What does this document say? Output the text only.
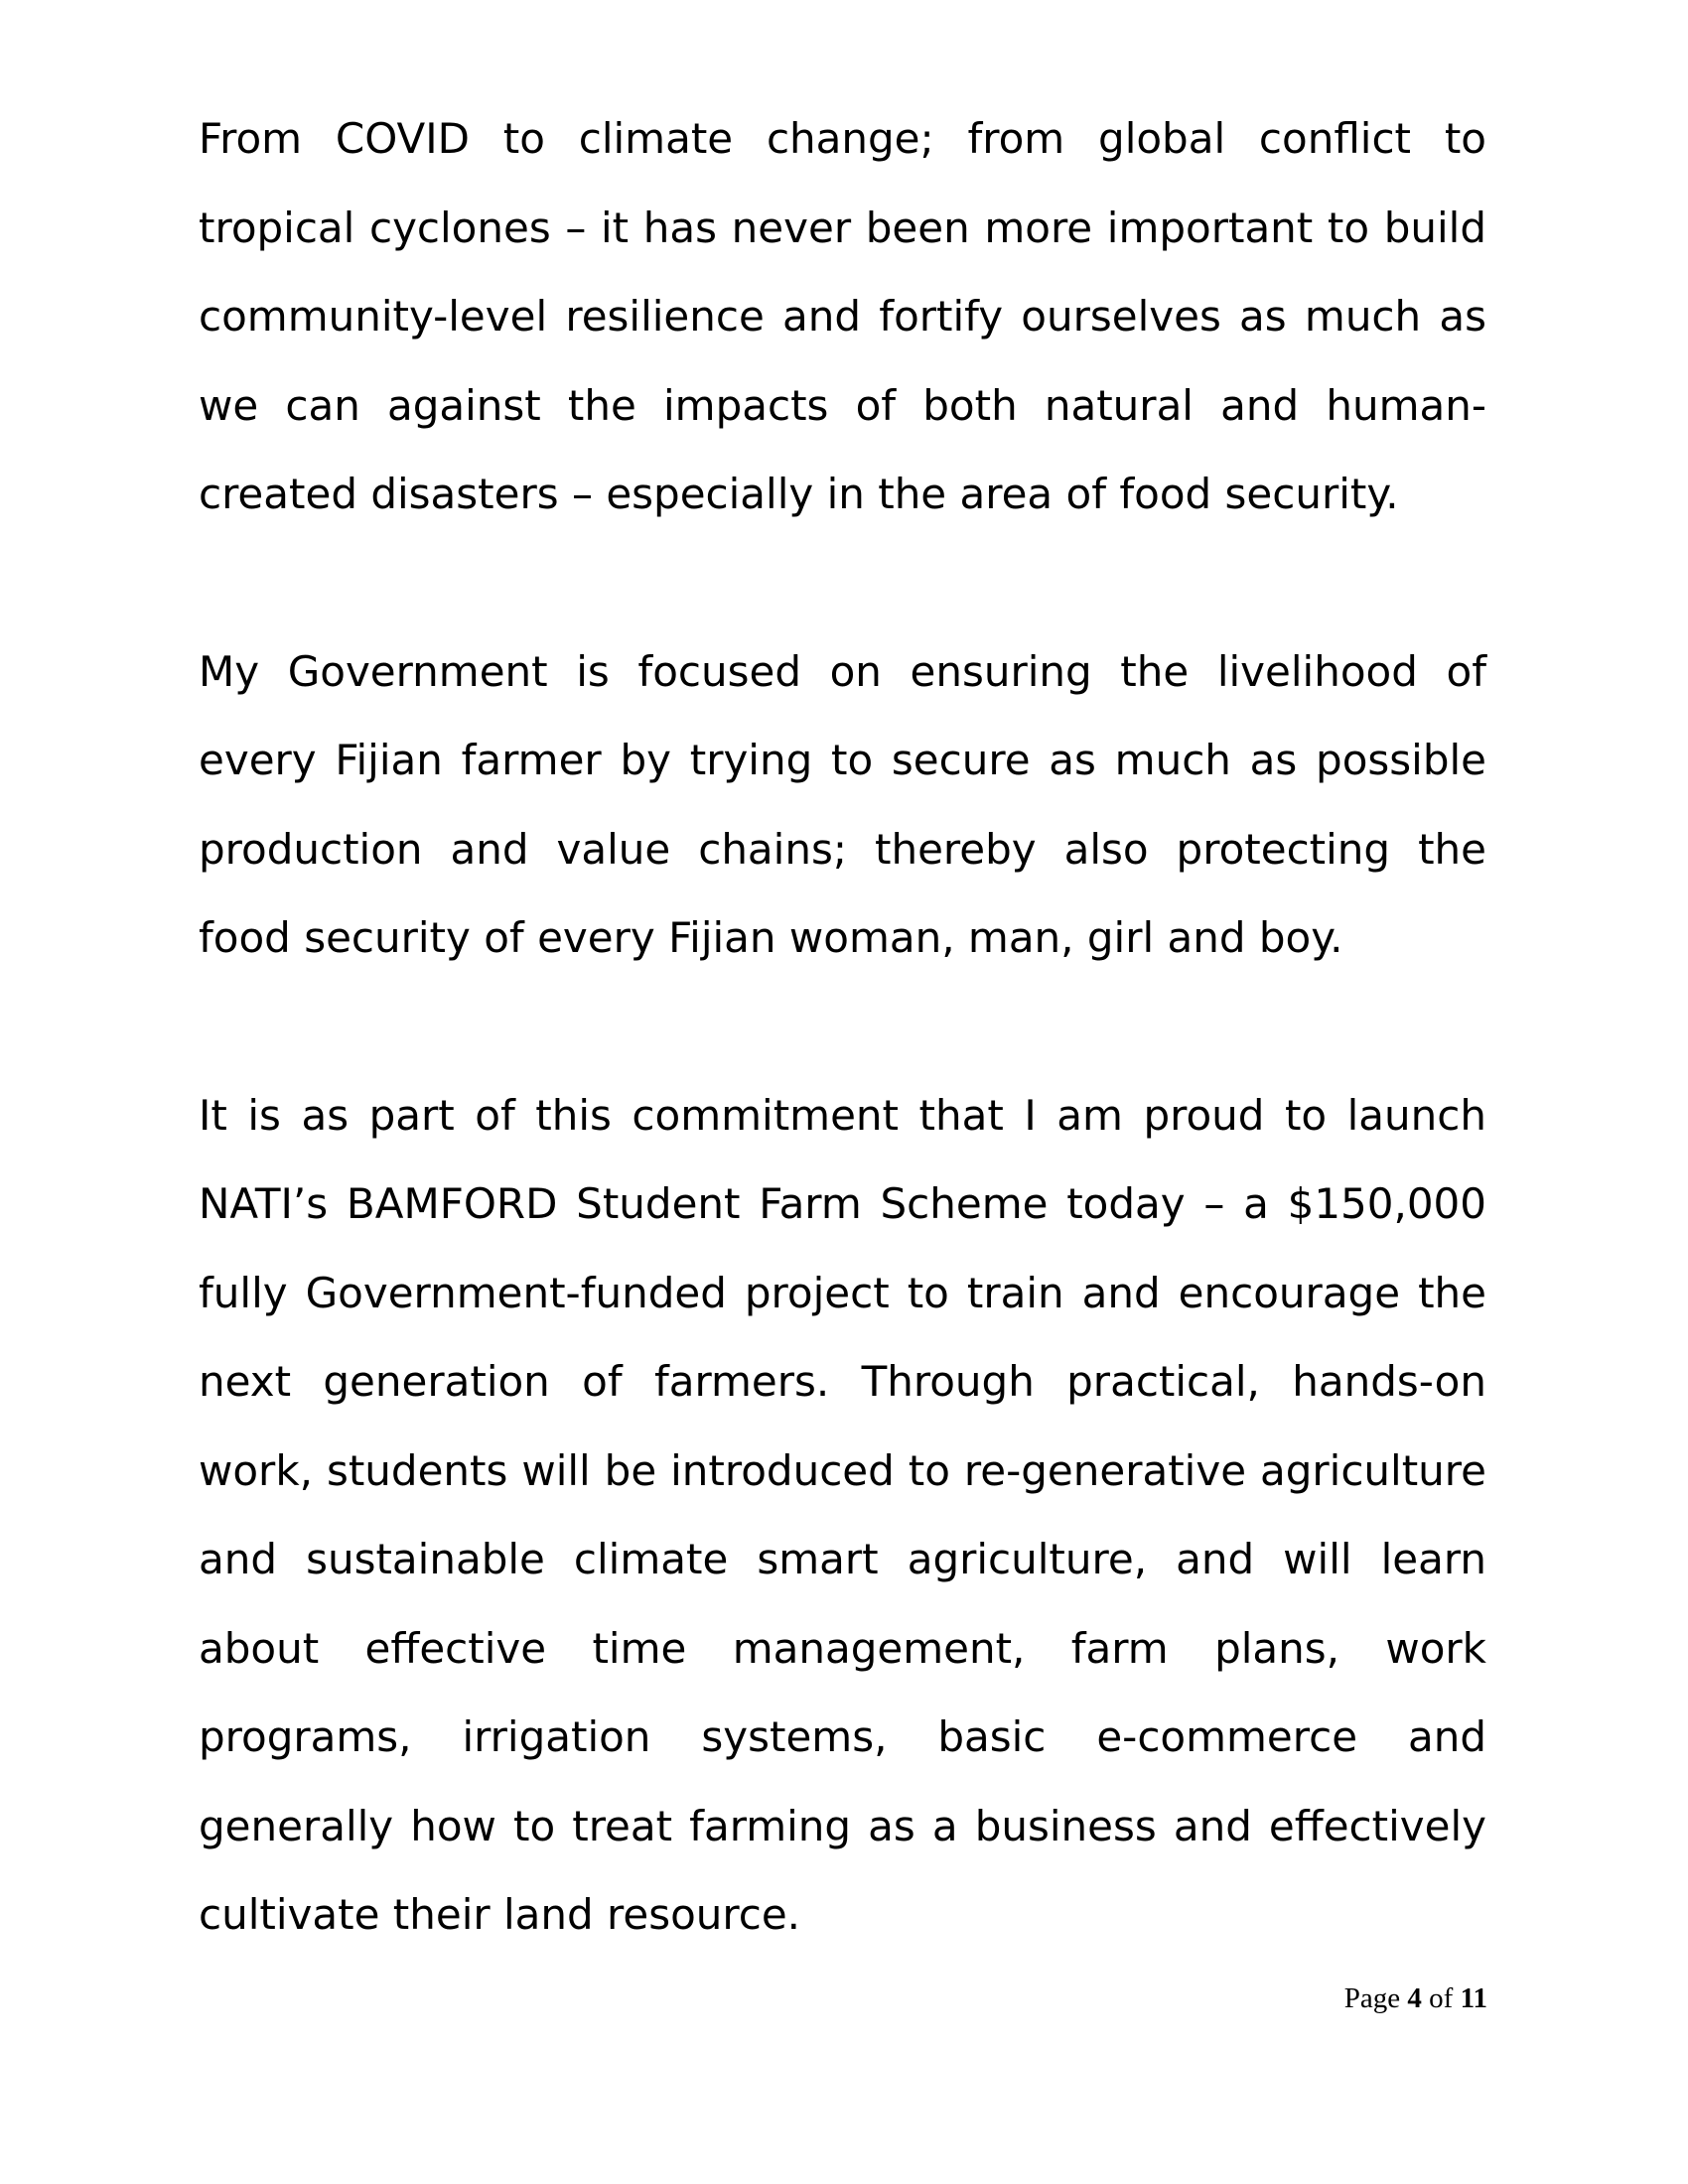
From COVID to climate change; from global conflict to tropical cyclones – it has never been more important to build community-level resilience and fortify ourselves as much as we can against the impacts of both natural and human-created disasters – especially in the area of food security.

My Government is focused on ensuring the livelihood of every Fijian farmer by trying to secure as much as possible production and value chains; thereby also protecting the food security of every Fijian woman, man, girl and boy.

It is as part of this commitment that I am proud to launch NATI’s BAMFORD Student Farm Scheme today – a $150,000 fully Government-funded project to train and encourage the next generation of farmers. Through practical, hands-on work, students will be introduced to re-generative agriculture and sustainable climate smart agriculture, and will learn about effective time management, farm plans, work programs, irrigation systems, basic e-commerce and generally how to treat farming as a business and effectively cultivate their land resource.

Page 4 of 11
